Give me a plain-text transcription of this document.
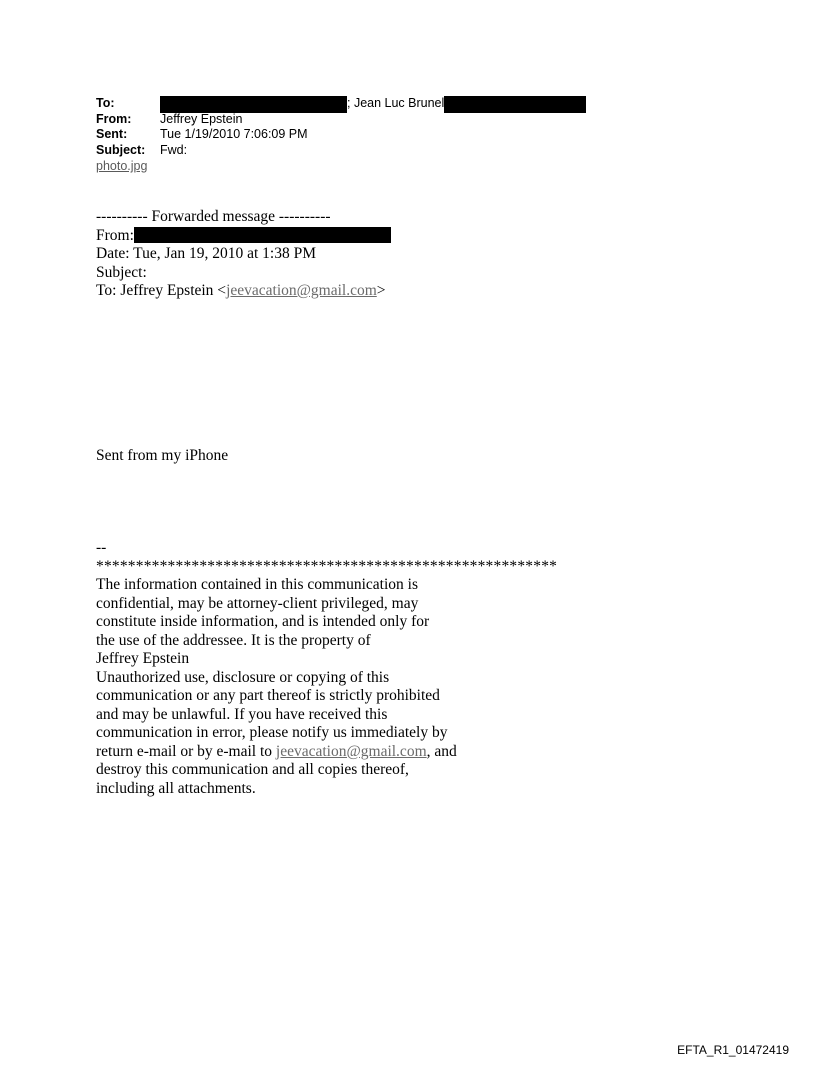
To:	; Jean Luc Brunel
From:	Jeffrey Epstein
Sent:	Tue 1/19/2010 7:06:09 PM
Subject:	Fwd:
photo.jpg
---------- Forwarded message ----------
From:
Date: Tue, Jan 19, 2010 at 1:38 PM
Subject:
To: Jeffrey Epstein <jeevacation@gmail.com>
Sent from my iPhone
--
**********************************************************
The information contained in this communication is
confidential, may be attorney-client privileged, may
constitute inside information, and is intended only for
the use of the addressee. It is the property of
Jeffrey Epstein
Unauthorized use, disclosure or copying of this
communication or any part thereof is strictly prohibited
and may be unlawful. If you have received this
communication in error, please notify us immediately by
return e-mail or by e-mail to jeevacation@gmail.com, and
destroy this communication and all copies thereof,
including all attachments.
EFTA_R1_01472419
